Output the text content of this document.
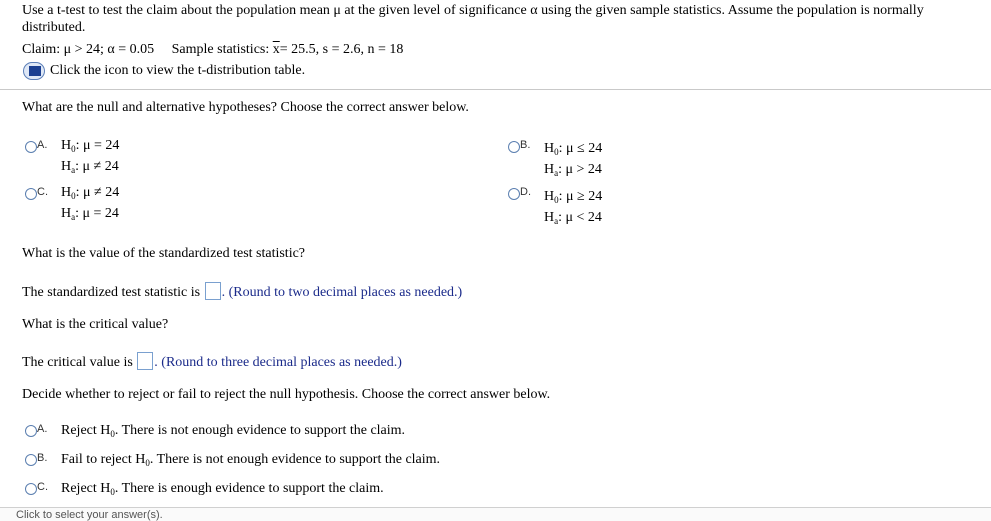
Use a t-test to test the claim about the population mean μ at the given level of significance α using the given sample statistics. Assume the population is normally distributed.
Claim: μ > 24; α = 0.05 Sample statistics: $\overline{x}= 25.5$, s = 2.6, n = 18
Click the icon to view the t-distribution table.
What are the null and alternative hypotheses? Choose the correct answer below.
A. $H_0$: μ = 24
$H_a$: μ ≠ 24
B. $H_0$: μ ≤ 24
$H_a$: μ > 24
C. $H_0$: μ ≠ 24
$H_a$: μ = 24
D. $H_0$: μ ≥ 24
$H_a$: μ < 24
What is the value of the standardized test statistic?
The standardized test statistic is . (Round to two decimal places as needed.)
What is the critical value?
The critical value is . (Round to three decimal places as needed.)
Decide whether to reject or fail to reject the null hypothesis. Choose the correct answer below.
A. Reject $H_0$. There is not enough evidence to support the claim.
B. Fail to reject $H_0$. There is not enough evidence to support the claim.
C. Reject $H_0$. There is enough evidence to support the claim.
Click to select your answer(s).
